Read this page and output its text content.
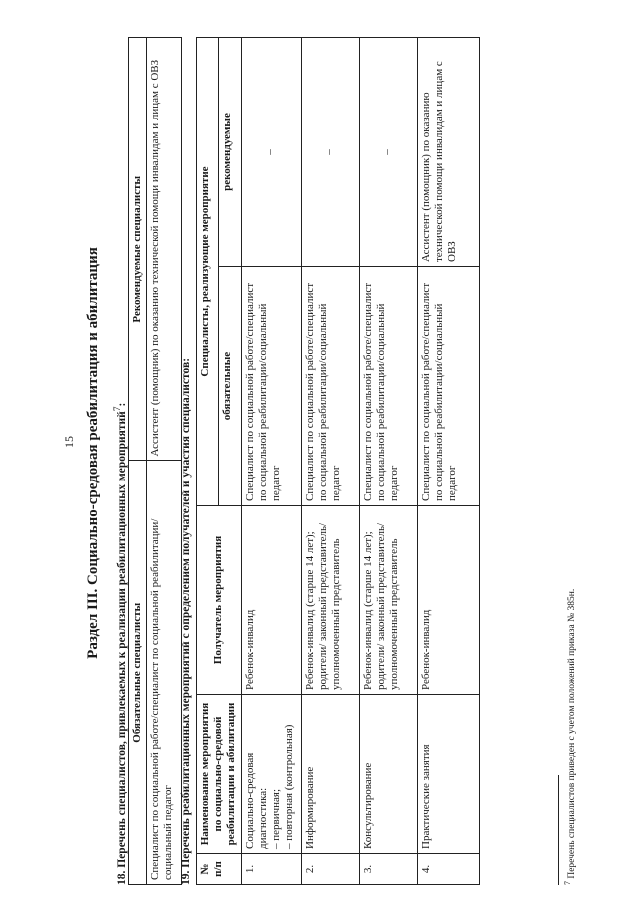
15 Раздел III. Социально-средовая реабилитация и абилитация	18. Перечень специалистов, привлекаемых к реализации реабилитационных мероприятий$^7$:
Обязательные специалисты	Рекомендуемые специалисты
Специалист по социальной работе/специалист по социальной реабилитации/социальный педагог	Ассистент (помощник) по оказанию технической помощи инвалидам и лицам с ОВЗ
19. Перечень реабилитационных мероприятий с определением получателей и участия специалистов: № п/п	Наименование мероприятия по социально-средовой реабилитации и абилитации	Получатель мероприятия	Специалисты, реализующие мероприятие	
			обязательные	рекомендуемые
1.	Социально-средовая диагностика: – первичная; – повторная (контрольная)	Ребенок-инвалид	Специалист по социальной работе/специалист по социальной реабилитации/социальный педагог	–
2.	Информирование	Ребенок-инвалид (старше 14 лет); родители/ законный представитель/ уполномоченный представитель	Специалист по социальной работе/специалист по социальной реабилитации/социальный педагог	–
3.	Консультирование	Ребенок-инвалид (старше 14 лет); родители/ законный представитель/ уполномоченный представитель	Специалист по социальной работе/специалист по социальной реабилитации/социальный педагог	–
4.	Практические занятия	Ребенок-инвалид	Специалист по социальной работе/специалист по социальной реабилитации/социальный педагог	Ассистент (помощник) по оказанию технической помощи инвалидам и лицам с ОВЗ
$^7$ Перечень специалистов приведен с учетом положений приказа № 385н.
